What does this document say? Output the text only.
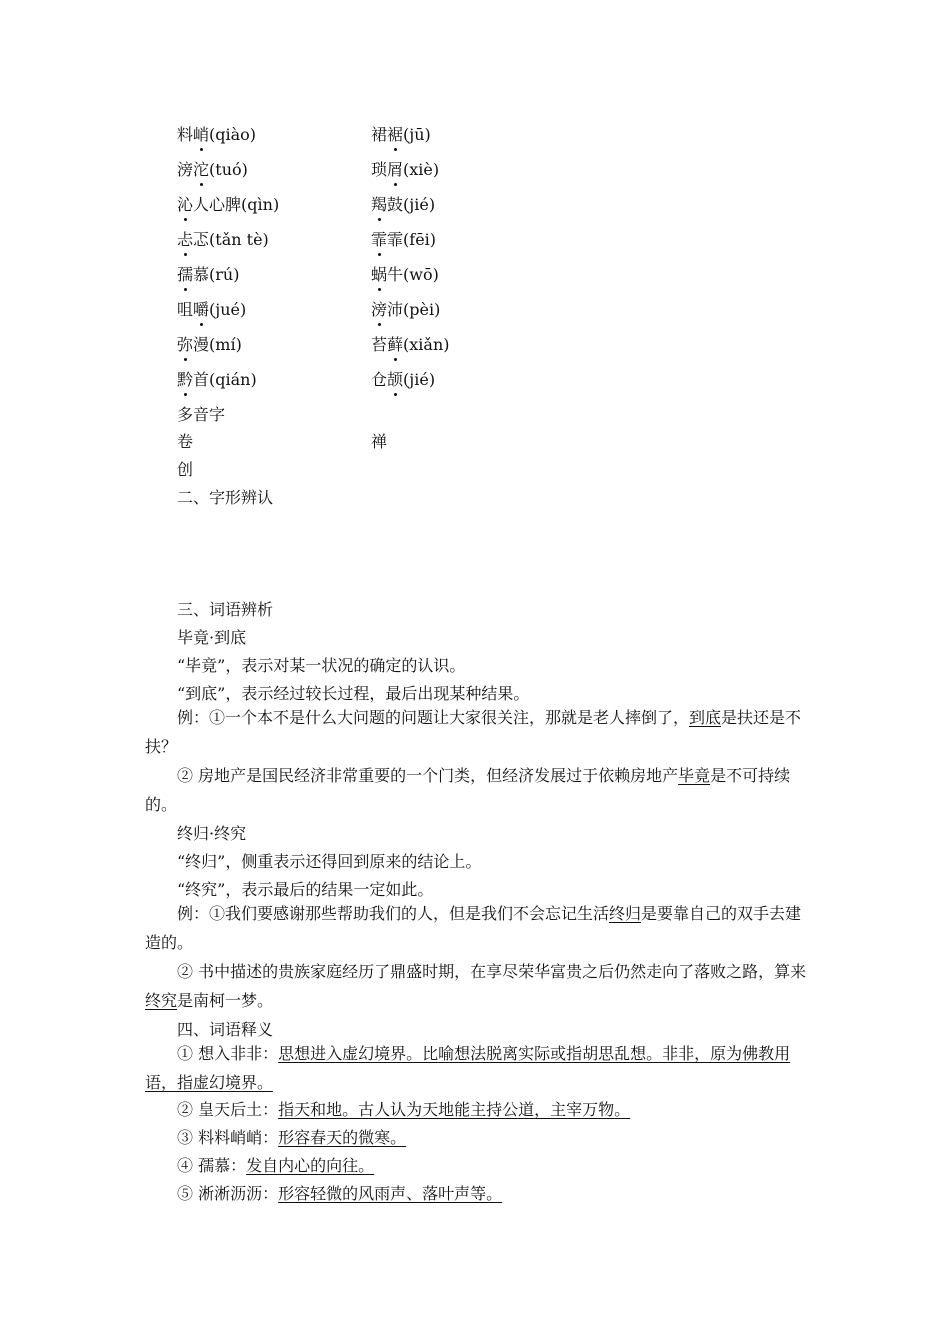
料峭(qiào)
滂沱(tuó)
沁人心脾(qìn)
忐忑(tǎn tè)
孺慕(rú)
咀嚼(jué)
弥漫(mí)
黔首(qián)
裙裾(jū)
琐屑(xiè)
羯鼓(jié)
霏霏(fēi)
蜗牛(wō)
滂沛(pèi)
苔藓(xiǎn)
仓颉(jié)
多音字
卷	禅
创
二、字形辨认
三、词语辨析
毕竟·到底
“毕竟”，表示对某一状况的确定的认识。
“到底”，表示经过较长过程，最后出现某种结果。
例：①一个本不是什么大问题的问题让大家很关注，那就是老人摔倒了，到底是扶还是不扶？
② 房地产是国民经济非常重要的一个门类，但经济发展过于依赖房地产毕竟是不可持续的。
终归·终究
“终归”，侧重表示还得回到原来的结论上。
“终究”，表示最后的结果一定如此。
例：①我们要感谢那些帮助我们的人，但是我们不会忘记生活终归是要靠自己的双手去建造的。
② 书中描述的贵族家庭经历了鼎盛时期，在享尽荣华富贵之后仍然走向了落败之路，算来终究是南柯一梦。
四、词语释义
① 想入非非：思想进入虚幻境界。比喻想法脱离实际或指胡思乱想。非非，原为佛教用语，指虚幻境界。
② 皇天后土：指天和地。古人认为天地能主持公道，主宰万物。
③ 料料峭峭：形容春天的微寒。
④ 孺慕：发自内心的向往。
⑤ 淅淅沥沥：形容轻微的风雨声、落叶声等。
